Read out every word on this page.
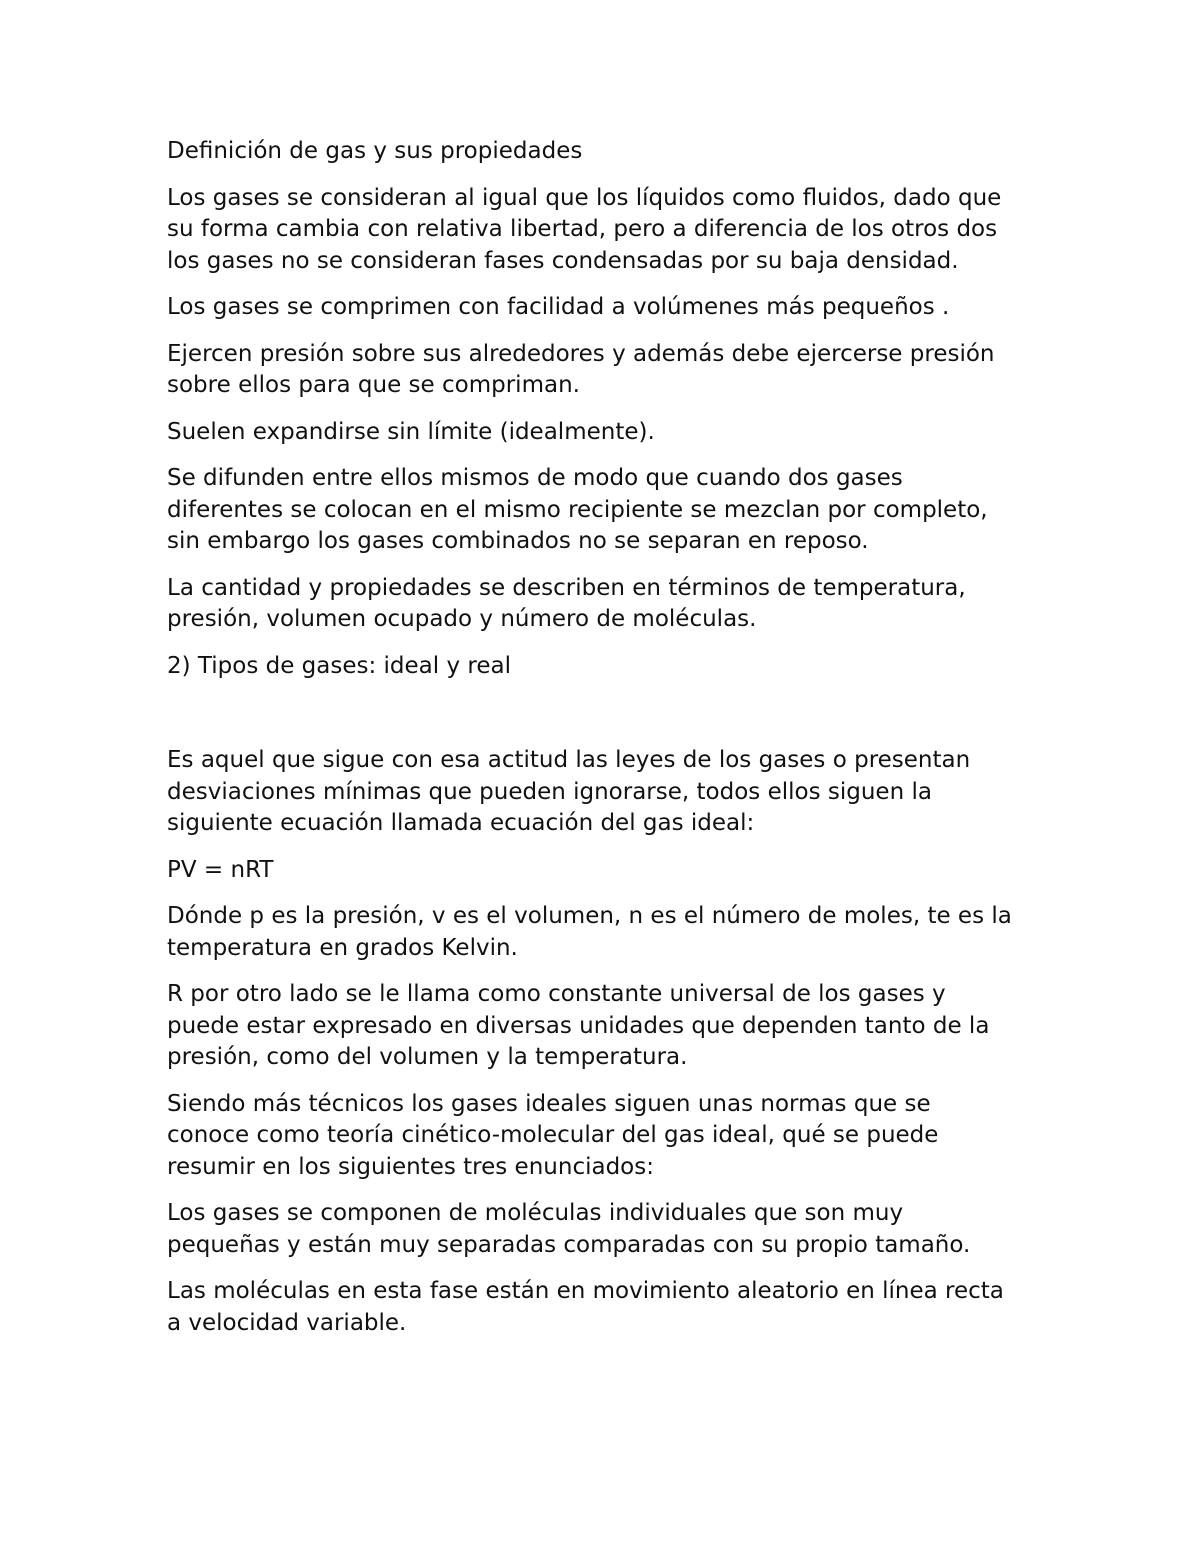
Definición de gas y sus propiedades

Los gases se consideran al igual que los líquidos como fluidos, dado que
su forma cambia con relativa libertad, pero a diferencia de los otros dos
los gases no se consideran fases condensadas por su baja densidad.

Los gases se comprimen con facilidad a volúmenes más pequeños .

Ejercen presión sobre sus alrededores y además debe ejercerse presión
sobre ellos para que se compriman.

Suelen expandirse sin límite (idealmente).

Se difunden entre ellos mismos de modo que cuando dos gases
diferentes se colocan en el mismo recipiente se mezclan por completo,
sin embargo los gases combinados no se separan en reposo.

La cantidad y propiedades se describen en términos de temperatura,
presión, volumen ocupado y número de moléculas.

2) Tipos de gases: ideal y real

Es aquel que sigue con esa actitud las leyes de los gases o presentan
desviaciones mínimas que pueden ignorarse, todos ellos siguen la
siguiente ecuación llamada ecuación del gas ideal:

PV = nRT

Dónde p es la presión, v es el volumen, n es el número de moles, te es la
temperatura en grados Kelvin.

R por otro lado se le llama como constante universal de los gases y
puede estar expresado en diversas unidades que dependen tanto de la
presión, como del volumen y la temperatura.

Siendo más técnicos los gases ideales siguen unas normas que se
conoce como teoría cinético-molecular del gas ideal, qué se puede
resumir en los siguientes tres enunciados:

Los gases se componen de moléculas individuales que son muy
pequeñas y están muy separadas comparadas con su propio tamaño.

Las moléculas en esta fase están en movimiento aleatorio en línea recta
a velocidad variable.
